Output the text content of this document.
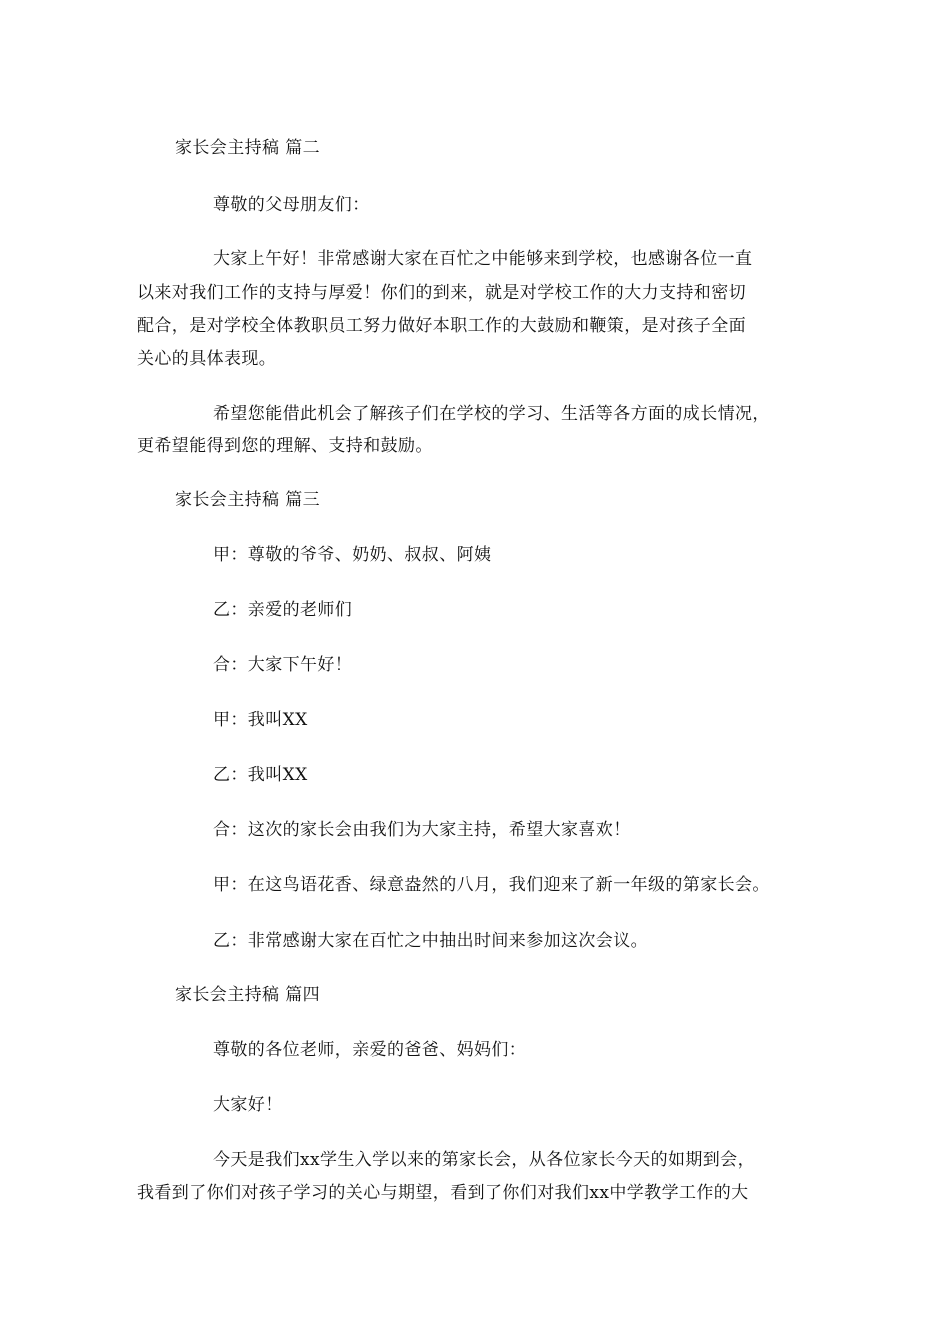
家长会主持稿 篇二
尊敬的父母朋友们：
大家上午好！非常感谢大家在百忙之中能够来到学校，也感谢各位一直
以来对我们工作的支持与厚爱！你们的到来，就是对学校工作的大力支持和密切
配合，是对学校全体教职员工努力做好本职工作的大鼓励和鞭策，是对孩子全面
关心的具体表现。
希望您能借此机会了解孩子们在学校的学习、生活等各方面的成长情况，
更希望能得到您的理解、支持和鼓励。
家长会主持稿 篇三
甲：尊敬的爷爷、奶奶、叔叔、阿姨
乙：亲爱的老师们
合：大家下午好！
甲：我叫XX
乙：我叫XX
合：这次的家长会由我们为大家主持，希望大家喜欢！
甲：在这鸟语花香、绿意盎然的八月，我们迎来了新一年级的第家长会。
乙：非常感谢大家在百忙之中抽出时间来参加这次会议。
家长会主持稿 篇四
尊敬的各位老师，亲爱的爸爸、妈妈们：
大家好！
今天是我们xx学生入学以来的第家长会，从各位家长今天的如期到会，
我看到了你们对孩子学习的关心与期望，看到了你们对我们xx中学教学工作的大
